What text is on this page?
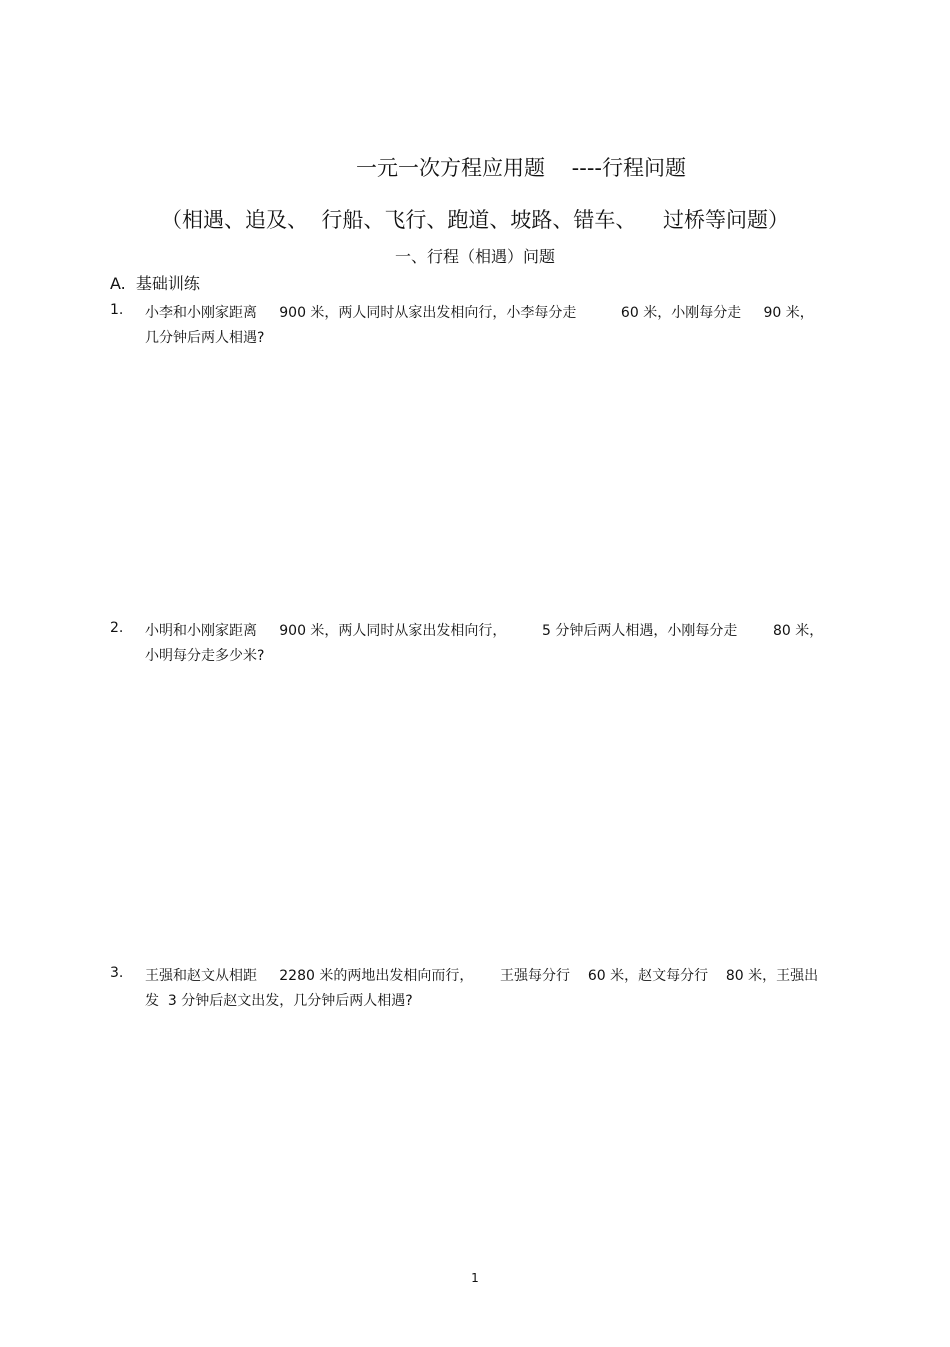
一元一次方程应用题    ----行程问题
（相遇、追及、  行船、飞行、跑道、坡路、错车、    过桥等问题）
一、行程（相遇）问题
A.  基础训练
1. 小李和小刚家距离     900 米，两人同时从家出发相向行，小李每分走          60 米，小刚每分走     90 米，
几分钟后两人相遇?
2. 小明和小刚家距离     900 米，两人同时从家出发相向行，        5 分钟后两人相遇，小刚每分走        80 米，
小明每分走多少米?
3. 王强和赵文从相距     2280 米的两地出发相向而行，      王强每分行    60 米，赵文每分行    80 米，王强出
发  3 分钟后赵文出发，几分钟后两人相遇?
1
